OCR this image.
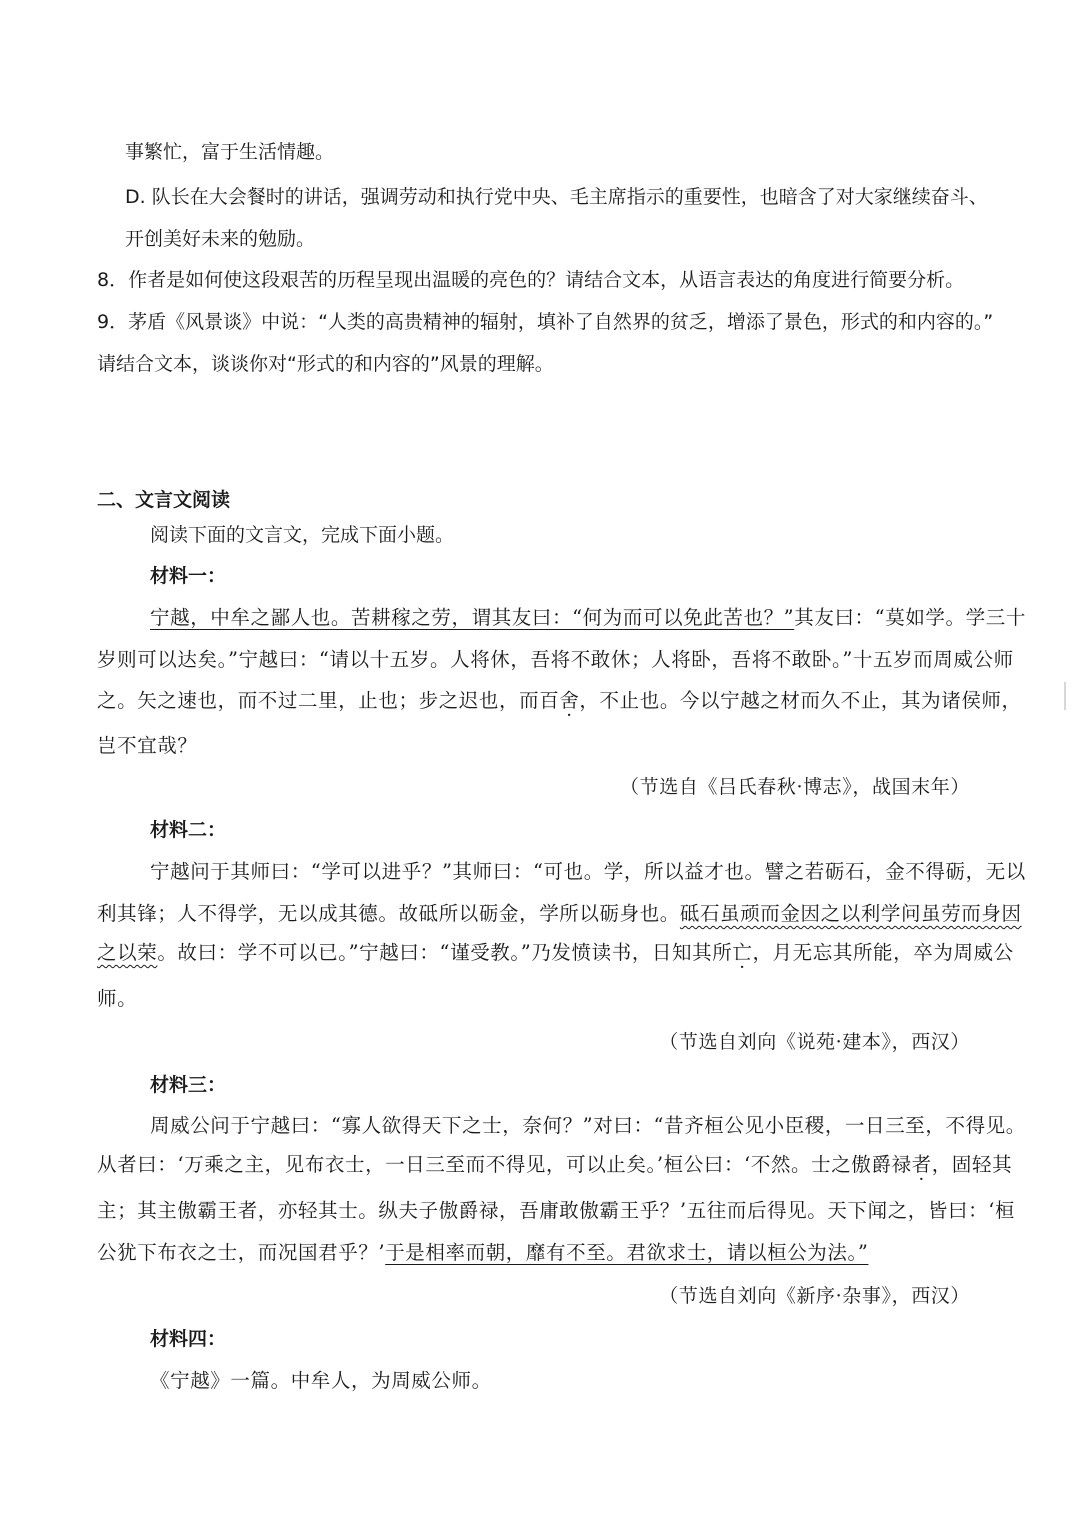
事繁忙，富于生活情趣。
D. 队长在大会餐时的讲话，强调劳动和执行党中央、毛主席指示的重要性，也暗含了对大家继续奋斗、
开创美好未来的勉励。
8．作者是如何使这段艰苦的历程呈现出温暖的亮色的？请结合文本，从语言表达的角度进行简要分析。
9．茅盾《风景谈》中说：“人类的高贵精神的辐射，填补了自然界的贫乏，增添了景色，形式的和内容的。”
请结合文本，谈谈你对“形式的和内容的”风景的理解。
二、文言文阅读
阅读下面的文言文，完成下面小题。
材料一：
宁越，中牟之鄙人也。苦耕稼之劳，谓其友曰：“何为而可以免此苦也？”其友曰：“莫如学。学三十
岁则可以达矣。”宁越曰：“请以十五岁。人将休，吾将不敢休；人将卧，吾将不敢卧。”十五岁而周威公师
之。矢之速也，而不过二里，止也；步之迟也，而百舍，不止也。今以宁越之材而久不止，其为诸侯师，
岂不宜哉？
（节选自《吕氏春秋·博志》，战国末年）
材料二：
宁越问于其师曰：“学可以进乎？”其师曰：“可也。学，所以益才也。譬之若砺石，金不得砺，无以
利其锋；人不得学，无以成其德。故砥所以砺金，学所以砺身也。砥石虽顽而金因之以利学问虽劳而身因
之以荣。故曰：学不可以已。”宁越曰：“谨受教。”乃发愤读书，日知其所亡，月无忘其所能，卒为周威公
师。
（节选自刘向《说苑·建本》，西汉）
材料三：
周威公问于宁越曰：“寡人欲得天下之士，奈何？”对曰：“昔齐桓公见小臣稷，一日三至，不得见。
从者曰：‘万乘之主，见布衣士，一日三至而不得见，可以止矣。’桓公曰：‘不然。士之傲爵禄者，固轻其
主；其主傲霸王者，亦轻其士。纵夫子傲爵禄，吾庸敢傲霸王乎？’五往而后得见。天下闻之，皆曰：‘桓
公犹下布衣之士，而况国君乎？’于是相率而朝，靡有不至。君欲求士，请以桓公为法。”
（节选自刘向《新序·杂事》，西汉）
材料四：
《宁越》一篇。中牟人，为周威公师。
